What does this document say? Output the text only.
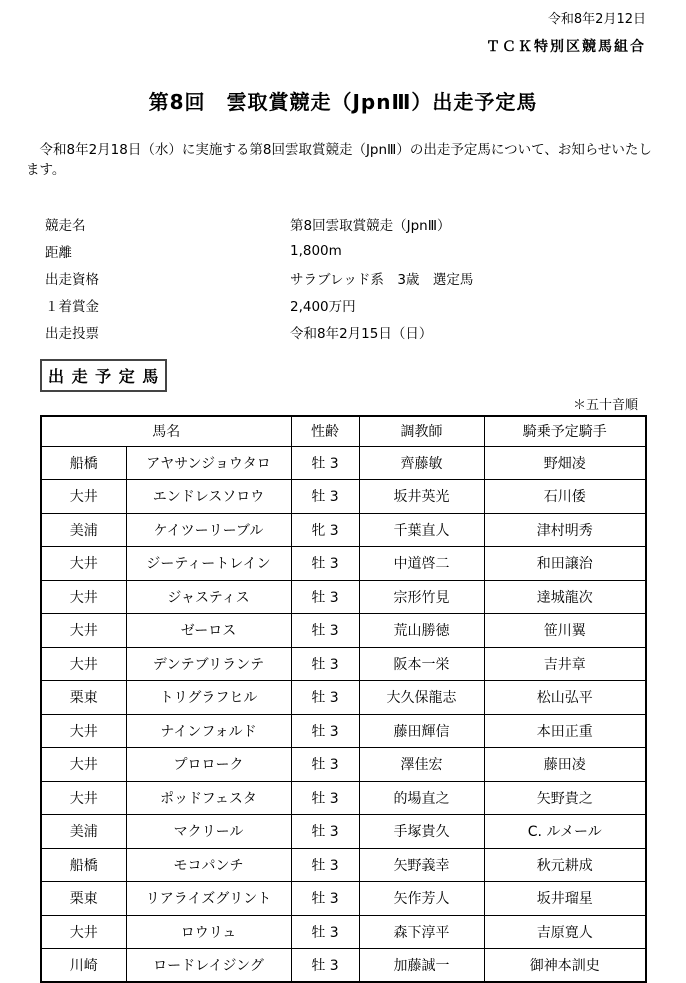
令和8年2月12日
ＴＣＫ特別区競馬組合
第8回　雲取賞競走（JpnⅢ）出走予定馬

　令和8年2月18日（水）に実施する第8回雲取賞競走（JpnⅢ）の出走予定馬について、お知らせいたします。

競走名	第8回雲取賞競走（JpnⅢ）
距離	1,800m
出走資格	サラブレッド系　3歳　選定馬
１着賞金	2,400万円
出走投票	令和8年2月15日（日）
出 走 予 定 馬
＊五十音順
馬名		性齢	調教師	騎乗予定騎手
船橋	アヤサンジョウタロ	牡 3	齊藤敏	野畑凌
大井	エンドレスソロウ	牡 3	坂井英光	石川倭
美浦	ケイツーリーブル	牝 3	千葉直人	津村明秀
大井	ジーティートレイン	牡 3	中道啓二	和田譲治
大井	ジャスティス	牡 3	宗形竹見	達城龍次
大井	ゼーロス	牡 3	荒山勝徳	笹川翼
大井	デンテブリランテ	牡 3	阪本一栄	吉井章
栗東	トリグラフヒル	牡 3	大久保龍志	松山弘平
大井	ナインフォルド	牡 3	藤田輝信	本田正重
大井	プロローク	牡 3	澤佳宏	藤田凌
大井	ポッドフェスタ	牡 3	的場直之	矢野貴之
美浦	マクリール	牡 3	手塚貴久	C. ルメール
船橋	モコパンチ	牡 3	矢野義幸	秋元耕成
栗東	リアライズグリント	牡 3	矢作芳人	坂井瑠星
大井	ロウリュ	牡 3	森下淳平	吉原寛人
川崎	ロードレイジング	牡 3	加藤誠一	御神本訓史
